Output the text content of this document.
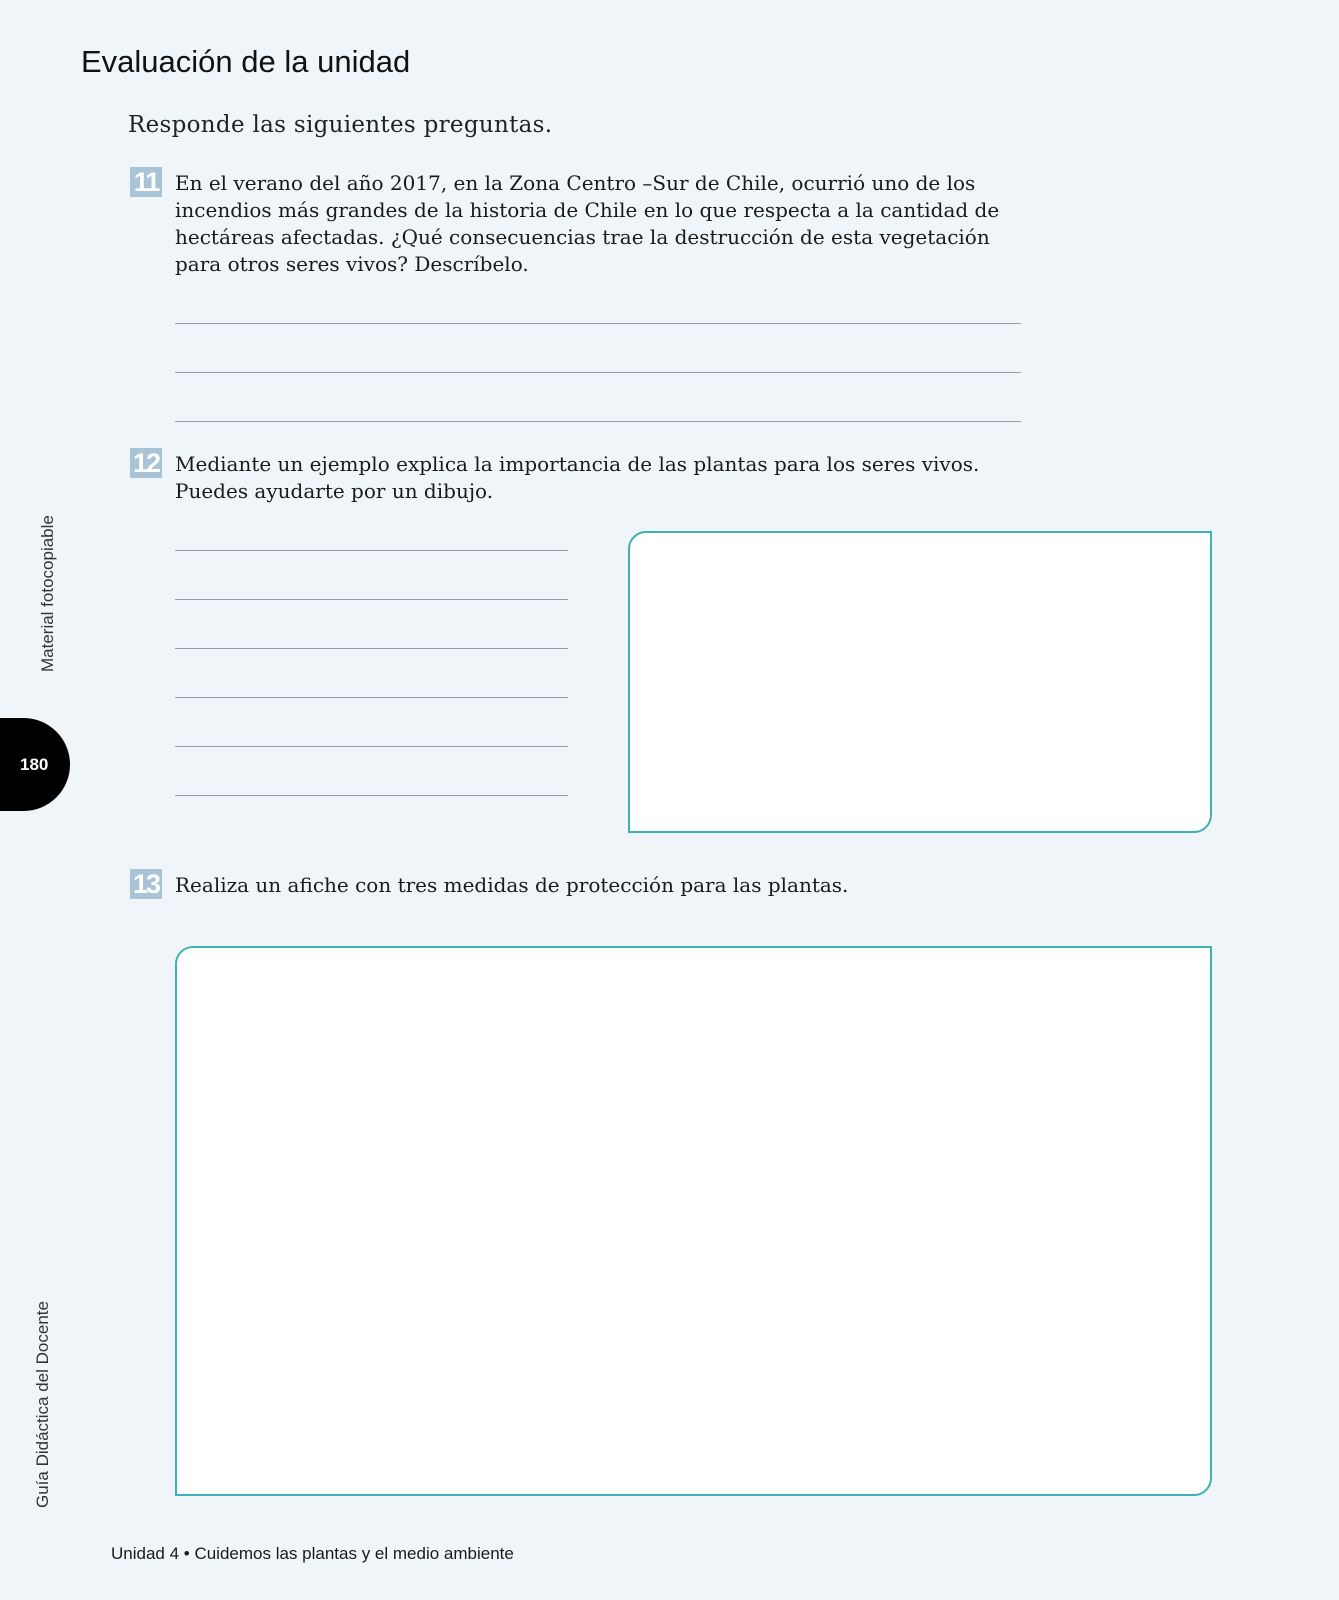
Evaluación de la unidad
Responde las siguientes preguntas.
11 En el verano del año 2017, en la Zona Centro –Sur de Chile, ocurrió uno de los incendios más grandes de la historia de Chile en lo que respecta a la cantidad de hectáreas afectadas. ¿Qué consecuencias trae la destrucción de esta vegetación para otros seres vivos? Descríbelo.
12 Mediante un ejemplo explica la importancia de las plantas para los seres vivos. Puedes ayudarte por un dibujo.
13 Realiza un afiche con tres medidas de protección para las plantas.
Material fotocopiable
180
Guía Didáctica del Docente
Unidad 4 • Cuidemos las plantas y el medio ambiente
